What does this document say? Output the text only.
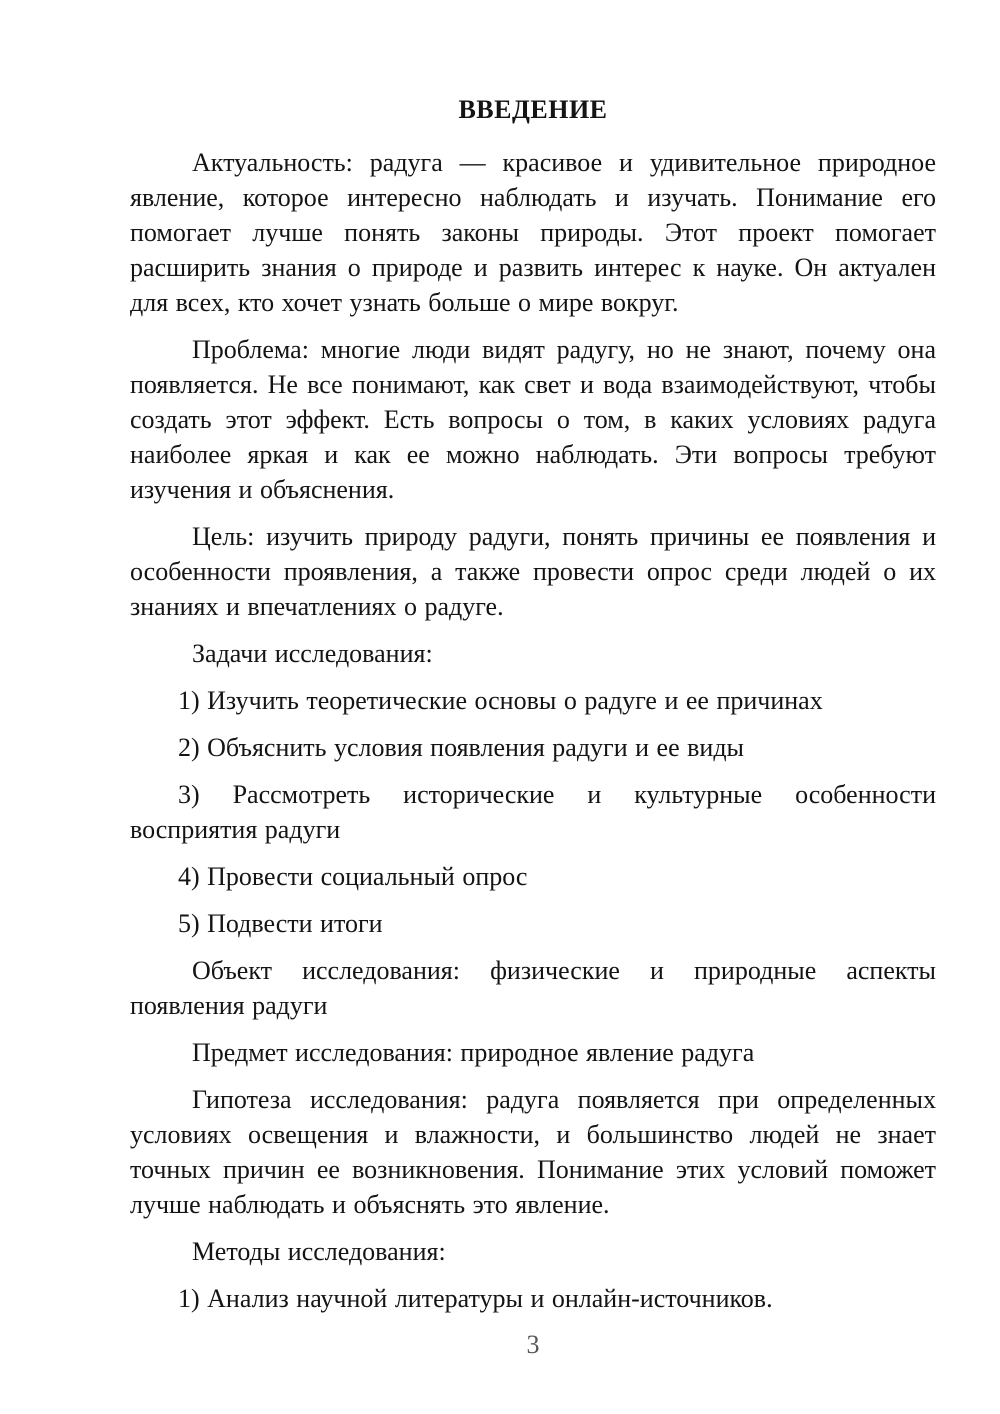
ВВЕДЕНИЕ

Актуальность: радуга — красивое и удивительное природное явление, которое интересно наблюдать и изучать. Понимание его помогает лучше понять законы природы. Этот проект помогает расширить знания о природе и развить интерес к науке. Он актуален для всех, кто хочет узнать больше о мире вокруг.

Проблема: многие люди видят радугу, но не знают, почему она появляется. Не все понимают, как свет и вода взаимодействуют, чтобы создать этот эффект. Есть вопросы о том, в каких условиях радуга наиболее яркая и как ее можно наблюдать. Эти вопросы требуют изучения и объяснения.

Цель: изучить природу радуги, понять причины ее появления и особенности проявления, а также провести опрос среди людей о их знаниях и впечатлениях о радуге.

Задачи исследования:

1) Изучить теоретические основы о радуге и ее причинах

2) Объяснить условия появления радуги и ее виды

3) Рассмотреть исторические и культурные особенности восприятия радуги

4) Провести социальный опрос

5) Подвести итоги

Объект исследования: физические и природные аспекты появления радуги

Предмет исследования: природное явление радуга

Гипотеза исследования: радуга появляется при определенных условиях освещения и влажности, и большинство людей не знает точных причин ее возникновения. Понимание этих условий поможет лучше наблюдать и объяснять это явление.

Методы исследования:

1) Анализ научной литературы и онлайн-источников.

3
